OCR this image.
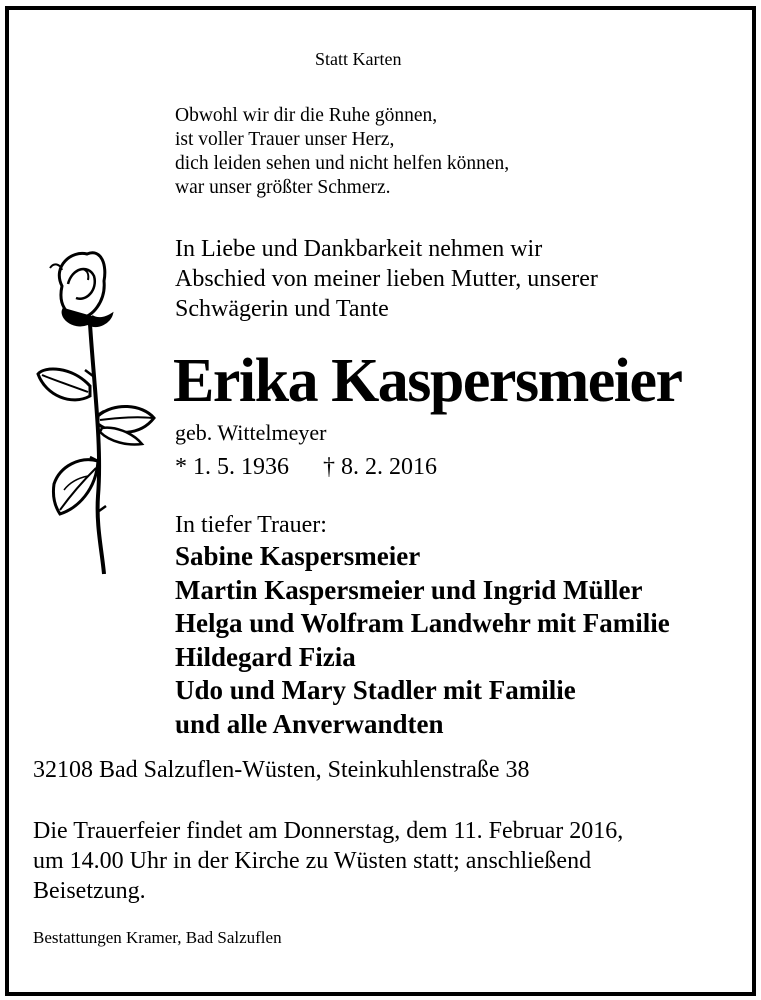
Statt Karten
Obwohl wir dir die Ruhe gönnen,
ist voller Trauer unser Herz,
dich leiden sehen und nicht helfen können,
war unser größter Schmerz.
In Liebe und Dankbarkeit nehmen wir
Abschied von meiner lieben Mutter, unserer
Schwägerin und Tante
Erika Kaspersmeier
geb. Wittelmeyer
* 1. 5. 1936 † 8. 2. 2016
In tiefer Trauer:
Sabine Kaspersmeier
Martin Kaspersmeier und Ingrid Müller
Helga und Wolfram Landwehr mit Familie
Hildegard Fizia
Udo und Mary Stadler mit Familie
und alle Anverwandten
32108 Bad Salzuflen-Wüsten, Steinkuhlenstraße 38
Die Trauerfeier findet am Donnerstag, dem 11. Februar 2016,
um 14.00 Uhr in der Kirche zu Wüsten statt; anschließend
Beisetzung.
Bestattungen Kramer, Bad Salzuflen
